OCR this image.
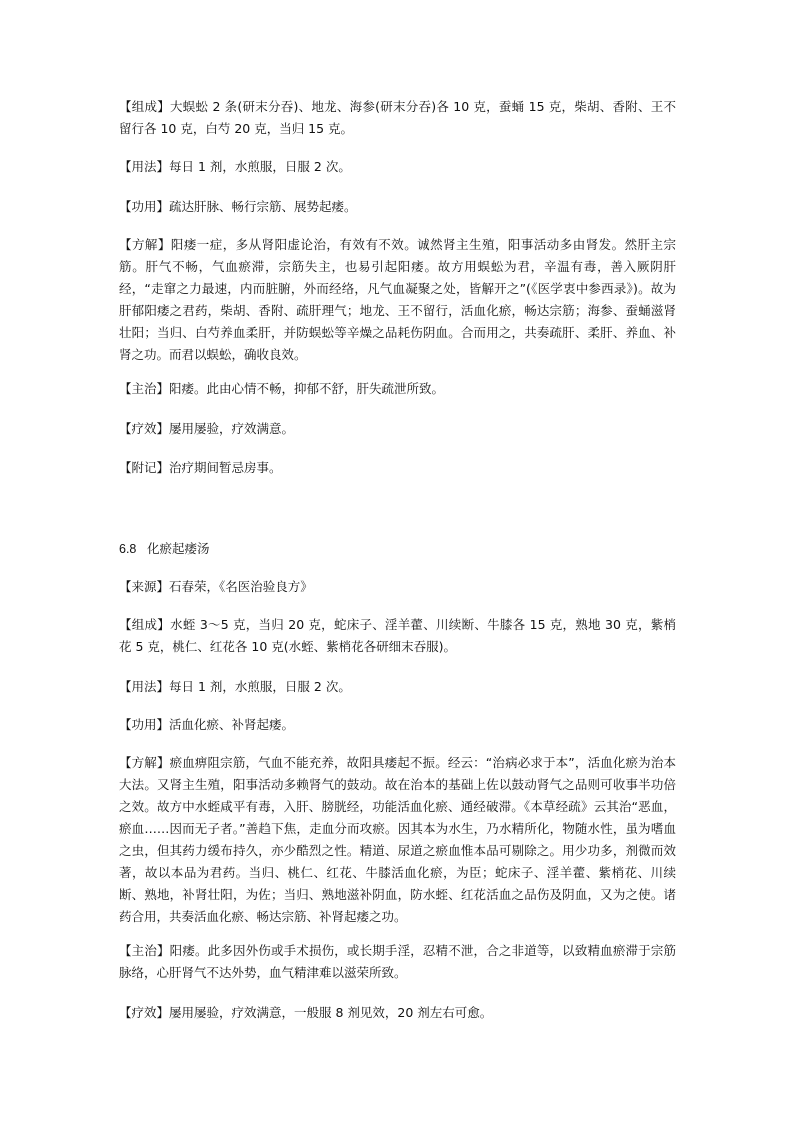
【组成】大蜈蚣 2 条(研末分吞)、地龙、海参(研末分吞)各 10 克，蚕蛹 15 克，柴胡、香附、王不留行各 10 克，白芍 20 克，当归 15 克。

【用法】每日 1 剂，水煎服，日服 2 次。

【功用】疏达肝脉、畅行宗筋、展势起痿。

【方解】阳痿一症，多从肾阳虚论治，有效有不效。诚然肾主生殖，阳事活动多由肾发。然肝主宗筋。肝气不畅，气血瘀滞，宗筋失主，也易引起阳痿。故方用蜈蚣为君，辛温有毒，善入厥阴肝经，“走窜之力最速，内而脏腑，外而经络，凡气血凝聚之处，皆解开之”(《医学衷中参西录》)。故为肝郁阳痿之君药，柴胡、香附、疏肝理气；地龙、王不留行，活血化瘀，畅达宗筋；海参、蚕蛹滋肾壮阳；当归、白芍养血柔肝，并防蜈蚣等辛燥之品耗伤阴血。合而用之，共奏疏肝、柔肝、养血、补肾之功。而君以蜈蚣，确收良效。

【主治】阳痿。此由心情不畅，抑郁不舒，肝失疏泄所致。

【疗效】屡用屡验，疗效满意。

【附记】治疗期间暂忌房事。

6.8 化瘀起痿汤

【来源】石春荣，《名医治验良方》

【组成】水蛭 3～5 克，当归 20 克，蛇床子、淫羊藿、川续断、牛膝各 15 克，熟地 30 克，紫梢花 5 克，桃仁、红花各 10 克(水蛭、紫梢花各研细末吞服)。

【用法】每日 1 剂，水煎服，日服 2 次。

【功用】活血化瘀、补肾起痿。

【方解】瘀血痹阻宗筋，气血不能充养，故阳具痿起不振。经云：“治病必求于本”，活血化瘀为治本大法。又肾主生殖，阳事活动多赖肾气的鼓动。故在治本的基础上佐以鼓动肾气之品则可收事半功倍之效。故方中水蛭咸平有毒，入肝、膀胱经，功能活血化瘀、通经破滞。《本草经疏》云其治“恶血，瘀血……因而无子者。”善趋下焦，走血分而攻瘀。因其本为水生，乃水精所化，物随水性，虽为嗜血之虫，但其药力缓布持久，亦少酷烈之性。精道、尿道之瘀血惟本品可剔除之。用少功多，剂微而效著，故以本品为君药。当归、桃仁、红花、牛膝活血化瘀，为臣；蛇床子、淫羊藿、紫梢花、川续断、熟地，补肾壮阳，为佐；当归、熟地滋补阴血，防水蛭、红花活血之品伤及阴血，又为之使。诸药合用，共奏活血化瘀、畅达宗筋、补肾起痿之功。

【主治】阳痿。此多因外伤或手术损伤，或长期手淫，忍精不泄，合之非道等，以致精血瘀滞于宗筋脉络，心肝肾气不达外势，血气精津难以滋荣所致。

【疗效】屡用屡验，疗效满意，一般服 8 剂见效，20 剂左右可愈。
